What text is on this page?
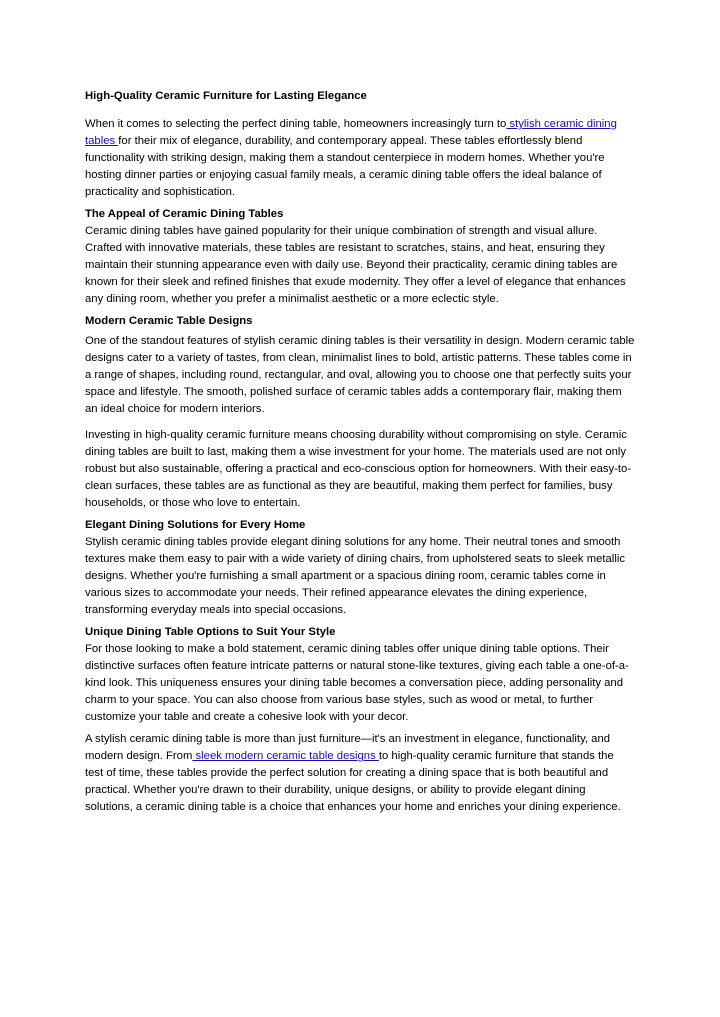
High-Quality Ceramic Furniture for Lasting Elegance

When it comes to selecting the perfect dining table, homeowners increasingly turn to stylish ceramic dining tables for their mix of elegance, durability, and contemporary appeal. These tables effortlessly blend functionality with striking design, making them a standout centerpiece in modern homes. Whether you're hosting dinner parties or enjoying casual family meals, a ceramic dining table offers the ideal balance of practicality and sophistication.

The Appeal of Ceramic Dining Tables

Ceramic dining tables have gained popularity for their unique combination of strength and visual allure. Crafted with innovative materials, these tables are resistant to scratches, stains, and heat, ensuring they maintain their stunning appearance even with daily use. Beyond their practicality, ceramic dining tables are known for their sleek and refined finishes that exude modernity. They offer a level of elegance that enhances any dining room, whether you prefer a minimalist aesthetic or a more eclectic style.

Modern Ceramic Table Designs

One of the standout features of stylish ceramic dining tables is their versatility in design. Modern ceramic table designs cater to a variety of tastes, from clean, minimalist lines to bold, artistic patterns. These tables come in a range of shapes, including round, rectangular, and oval, allowing you to choose one that perfectly suits your space and lifestyle. The smooth, polished surface of ceramic tables adds a contemporary flair, making them an ideal choice for modern interiors.

Investing in high-quality ceramic furniture means choosing durability without compromising on style. Ceramic dining tables are built to last, making them a wise investment for your home. The materials used are not only robust but also sustainable, offering a practical and eco-conscious option for homeowners. With their easy-to-clean surfaces, these tables are as functional as they are beautiful, making them perfect for families, busy households, or those who love to entertain.

Elegant Dining Solutions for Every Home

Stylish ceramic dining tables provide elegant dining solutions for any home. Their neutral tones and smooth textures make them easy to pair with a wide variety of dining chairs, from upholstered seats to sleek metallic designs. Whether you're furnishing a small apartment or a spacious dining room, ceramic tables come in various sizes to accommodate your needs. Their refined appearance elevates the dining experience, transforming everyday meals into special occasions.

Unique Dining Table Options to Suit Your Style

For those looking to make a bold statement, ceramic dining tables offer unique dining table options. Their distinctive surfaces often feature intricate patterns or natural stone-like textures, giving each table a one-of-a-kind look. This uniqueness ensures your dining table becomes a conversation piece, adding personality and charm to your space. You can also choose from various base styles, such as wood or metal, to further customize your table and create a cohesive look with your decor.

A stylish ceramic dining table is more than just furniture—it's an investment in elegance, functionality, and modern design. From sleek modern ceramic table designs to high-quality ceramic furniture that stands the test of time, these tables provide the perfect solution for creating a dining space that is both beautiful and practical. Whether you're drawn to their durability, unique designs, or ability to provide elegant dining solutions, a ceramic dining table is a choice that enhances your home and enriches your dining experience.
